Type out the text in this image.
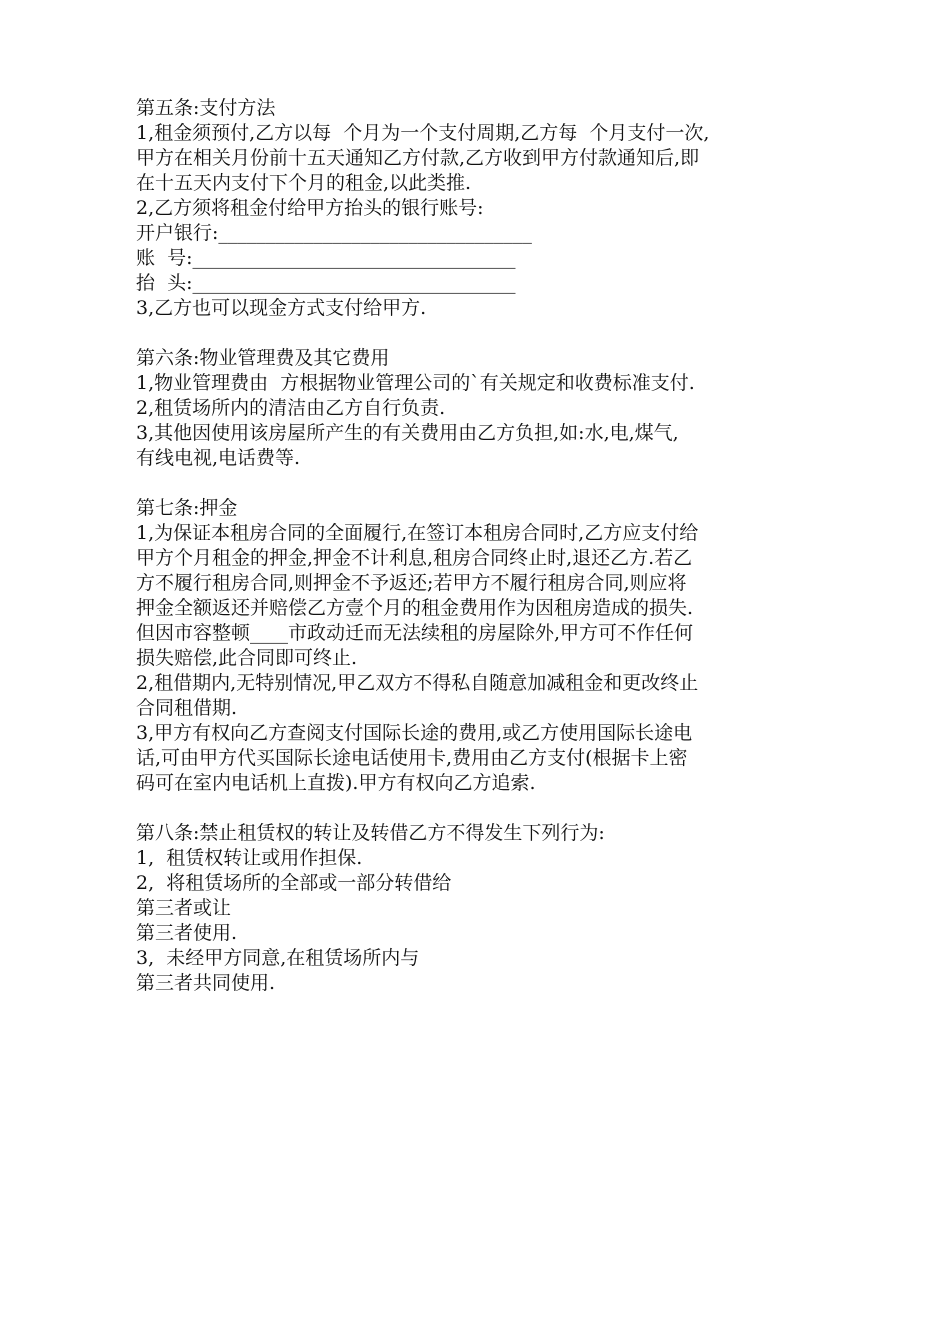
第五条:支付方法
1,租金须预付,乙方以每  个月为一个支付周期,乙方每  个月支付一次,
甲方在相关月份前十五天通知乙方付款,乙方收到甲方付款通知后,即
在十五天内支付下个月的租金,以此类推.
2,乙方须将租金付给甲方抬头的银行账号:
开户银行:_________________________________
账  号:__________________________________
抬  头:__________________________________
3,乙方也可以现金方式支付给甲方.
第六条:物业管理费及其它费用
1,物业管理费由  方根据物业管理公司的`有关规定和收费标准支付.
2,租赁场所内的清洁由乙方自行负责.
3,其他因使用该房屋所产生的有关费用由乙方负担,如:水,电,煤气,
有线电视,电话费等.
第七条:押金
1,为保证本租房合同的全面履行,在签订本租房合同时,乙方应支付给
甲方个月租金的押金,押金不计利息,租房合同终止时,退还乙方.若乙
方不履行租房合同,则押金不予返还;若甲方不履行租房合同,则应将
押金全额返还并赔偿乙方壹个月的租金费用作为因租房造成的损失.
但因市容整顿____市政动迁而无法续租的房屋除外,甲方可不作任何
损失赔偿,此合同即可终止.
2,租借期内,无特别情况,甲乙双方不得私自随意加减租金和更改终止
合同租借期.
3,甲方有权向乙方查阅支付国际长途的费用,或乙方使用国际长途电
话,可由甲方代买国际长途电话使用卡,费用由乙方支付(根据卡上密
码可在室内电话机上直拨).甲方有权向乙方追索.
第八条:禁止租赁权的转让及转借乙方不得发生下列行为:
1,  租赁权转让或用作担保.
2,  将租赁场所的全部或一部分转借给
第三者或让
第三者使用.
3,  未经甲方同意,在租赁场所内与
第三者共同使用.
